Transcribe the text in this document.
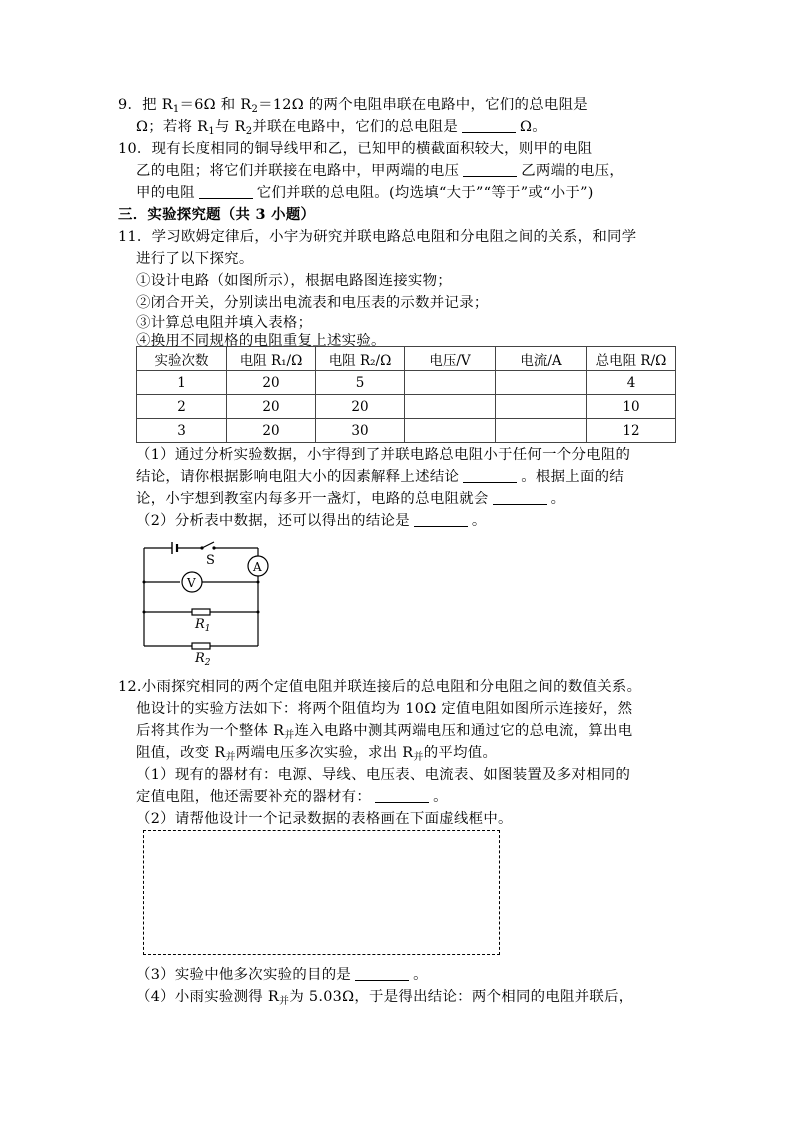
9．把 $R_1=6\Omega$ 和 $R_2=12\Omega$ 的两个电阻串联在电路中，它们的总电阻是
Ω；若将 $R_1$与 $R_2$并联在电路中，它们的总电阻是	Ω。
10．现有长度相同的铜导线甲和乙，已知甲的横截面积较大，则甲的电阻
乙的电阻；将它们并联接在电路中，甲两端的电压	乙两端的电压，
甲的电阻	它们并联的总电阻。(均选填“大于”“等于”或“小于”)
三．实验探究题（共 3 小题）
11．学习欧姆定律后，小宇为研究并联电路总电阻和分电阻之间的关系，和同学
进行了以下探究。
①设计电路（如图所示），根据电路图连接实物；
②闭合开关，分别读出电流表和电压表的示数并记录；
③计算总电阻并填入表格；
④换用不同规格的电阻重复上述实验。
实验次数	电阻 R₁/Ω	电阻 R₂/Ω	电压/V	电流/A	总电阻 R/Ω
1	20	5			4
2	20	20			10
3	20	30			12
（1）通过分析实验数据，小宇得到了并联电路总电阻小于任何一个分电阻的
结论，请你根据影响电阻大小的因素解释上述结论	。根据上面的结
论，小宇想到教室内每多开一盏灯，电路的总电阻就会	。
（2）分析表中数据，还可以得出的结论是	。
S	A
V
$R_1$
$R_2$
12.小雨探究相同的两个定值电阻并联连接后的总电阻和分电阻之间的数值关系。
他设计的实验方法如下：将两个阻值均为 10Ω 定值电阻如图所示连接好，然
后将其作为一个整体 $R_并$连入电路中测其两端电压和通过它的总电流，算出电
阻值，改变 $R_并$两端电压多次实验，求出 $R_并$的平均值。
（1）现有的器材有：电源、导线、电压表、电流表、如图装置及多对相同的
定值电阻，他还需要补充的器材有：	。
（2）请帮他设计一个记录数据的表格画在下面虚线框中。
（3）实验中他多次实验的目的是	。
（4）小雨实验测得 $R_并$为 5.03Ω，于是得出结论：两个相同的电阻并联后，
